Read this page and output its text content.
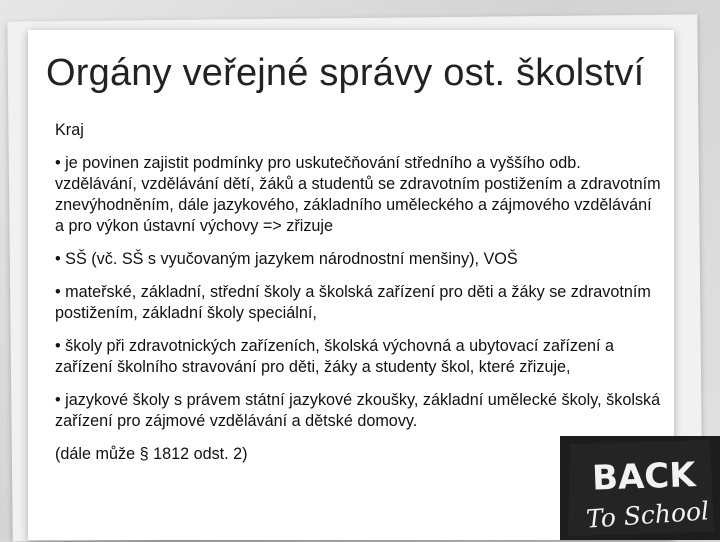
Orgány veřejné správy ost. školství

Kraj

• je povinen zajistit podmínky pro uskutečňování středního a vyššího odb. vzdělávání, vzdělávání dětí, žáků a studentů se zdravotním postižením a zdravotním znevýhodněním, dále jazykového, základního uměleckého a zájmového vzdělávání a pro výkon ústavní výchovy => zřizuje

• SŠ (vč. SŠ s vyučovaným jazykem národnostní menšiny), VOŠ

• mateřské, základní, střední školy a školská zařízení pro děti a žáky se zdravotním postižením, základní školy speciální,

• školy při zdravotnických zařízeních, školská výchovná a ubytovací zařízení a zařízení školního stravování pro děti, žáky a studenty škol, které zřizuje,

• jazykové školy s právem státní jazykové zkoušky, základní umělecké školy, školská zařízení pro zájmové vzdělávání a dětské domovy.

(dále může § 1812 odst. 2)

BACK
To School
